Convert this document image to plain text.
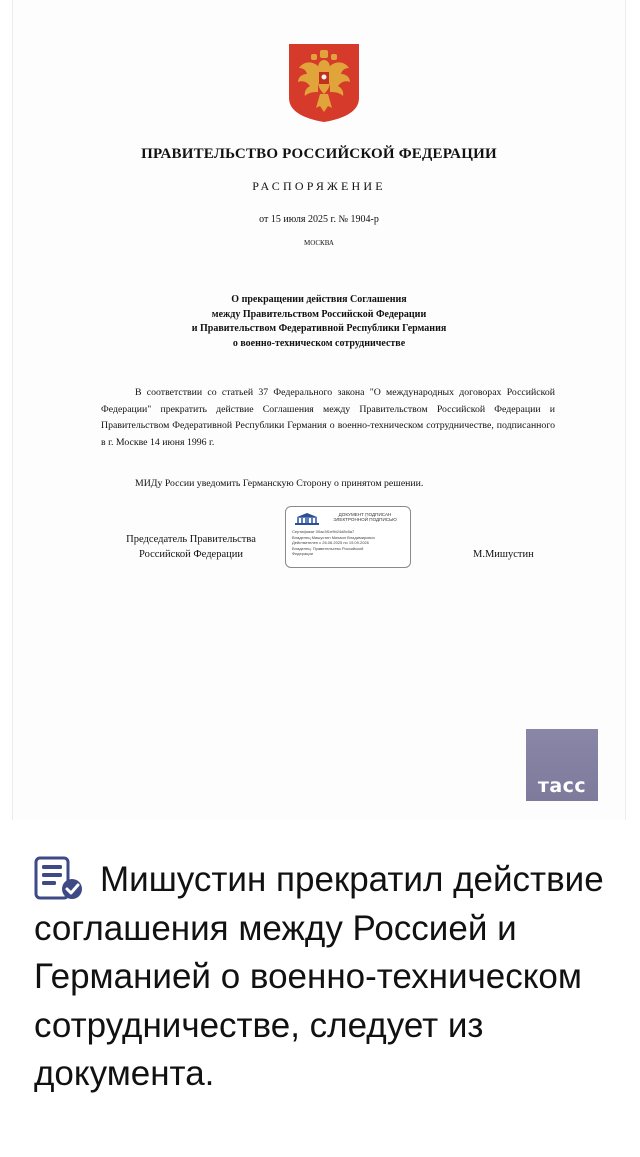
ПРАВИТЕЛЬСТВО РОССИЙСКОЙ ФЕДЕРАЦИИ
РАСПОРЯЖЕНИЕ
от 15 июля 2025 г. № 1904-р
МОСКВА
О прекращении действия Соглашения
между Правительством Российской Федерации
и Правительством Федеративной Республики Германия
о военно-техническом сотрудничестве

В соответствии со статьей 37 Федерального закона "О международных договорах Российской Федерации" прекратить действие Соглашения между Правительством Российской Федерации и Правительством Федеративной Республики Германия о военно-техническом сотрудничестве, подписанного в г. Москве 14 июня 1996 г.

МИДу России уведомить Германскую Сторону о принятом решении.

Председатель Правительства
Российской Федерации
ДОКУМЕНТ ПОДПИСАН ЭЛЕКТРОННОЙ ПОДПИСЬЮ
Сертификат 00ac3f1e9b24d8c5a7
Владелец Мишустин Михаил Владимирович
Действителен с 26.06.2025 по 19.09.2026
Владелец: Правительство Российской
Федерации	М.Мишустин
тасс

Мишустин прекратил действие соглашения между Россией и Германией о военно-техническом сотрудничестве, следует из документа.
